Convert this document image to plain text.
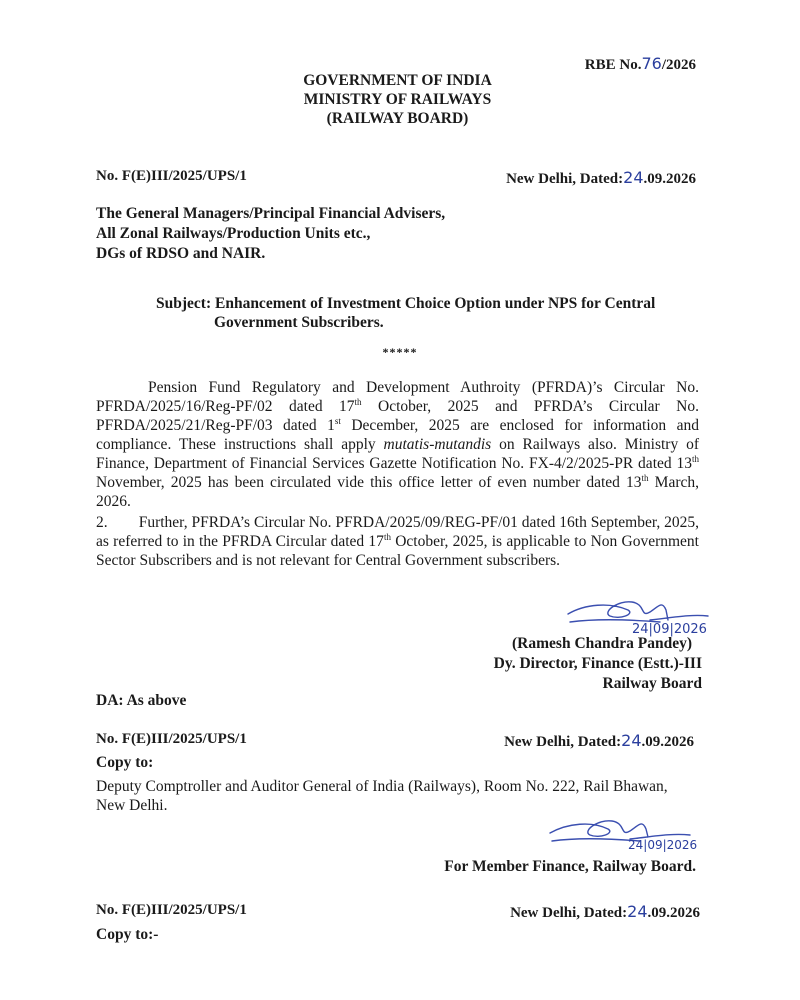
RBE No.76/2026
GOVERNMENT OF INDIA
MINISTRY OF RAILWAYS
(RAILWAY BOARD)
No. F(E)III/2025/UPS/1	New Delhi, Dated:24.09.2026
The General Managers/Principal Financial Advisers,
All Zonal Railways/Production Units etc.,
DGs of RDSO and NAIR.
Subject: Enhancement of Investment Choice Option under NPS for Central
Government Subscribers.
*****

Pension Fund Regulatory and Development Authroity (PFRDA)’s Circular No. PFRDA/2025/16/Reg-PF/02 dated 17th October, 2025 and PFRDA’s Circular No. PFRDA/2025/21/Reg-PF/03 dated 1st December, 2025 are enclosed for information and compliance. These instructions shall apply mutatis-mutandis on Railways also. Ministry of Finance, Department of Financial Services Gazette Notification No. FX-4/2/2025-PR dated 13th November, 2025 has been circulated vide this office letter of even number dated 13th March, 2026.

2.        Further, PFRDA’s Circular No. PFRDA/2025/09/REG-PF/01 dated 16th September, 2025, as referred to in the PFRDA Circular dated 17th October, 2025, is applicable to Non Government Sector Subscribers and is not relevant for Central Government subscribers.

24|09|2026
(Ramesh Chandra Pandey)
Dy. Director, Finance (Estt.)-III
Railway Board
DA: As above
No. F(E)III/2025/UPS/1	New Delhi, Dated:24.09.2026
Copy to:
Deputy Comptroller and Auditor General of India (Railways), Room No. 222, Rail Bhawan,
New Delhi.
24|09|2026
For Member Finance, Railway Board.
No. F(E)III/2025/UPS/1	New Delhi, Dated:24.09.2026
Copy to:-
